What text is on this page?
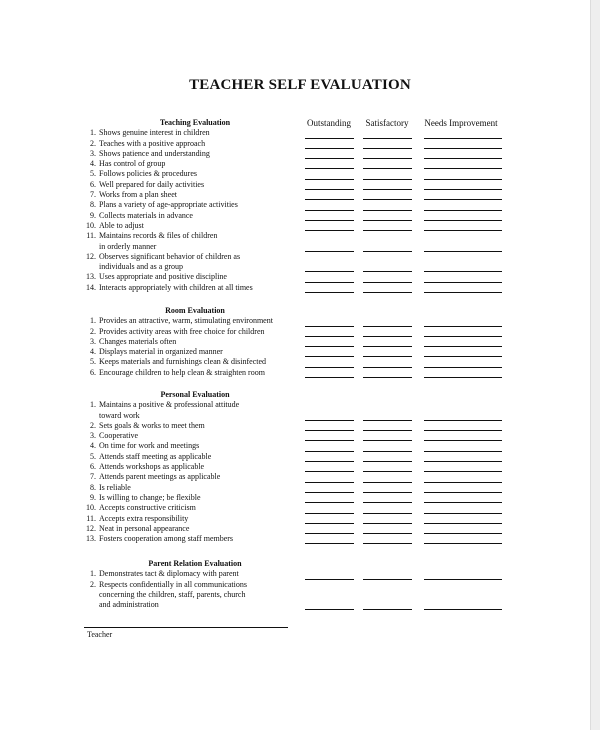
TEACHER SELF EVALUATION
Outstanding	Satisfactory	Needs Improvement
Teaching Evaluation
1. Shows genuine interest in children
2. Teaches with a positive approach
3. Shows patience and understanding
4. Has control of group
5. Follows policies & procedures
6. Well prepared for daily activities
7. Works from a plan sheet
8. Plans a variety of age-appropriate activities
9. Collects materials in advance
10. Able to adjust
11. Maintains records & files of children
in orderly manner
12. Observes significant behavior of children as
individuals and as a group
13. Uses appropriate and positive discipline
14. Interacts appropriately with children at all times
Room Evaluation
1. Provides an attractive, warm, stimulating environment
2. Provides activity areas with free choice for children
3. Changes materials often
4. Displays material in organized manner
5. Keeps materials and furnishings clean & disinfected
6. Encourage children to help clean & straighten room
Personal Evaluation
1. Maintains a positive & professional attitude
toward work
2. Sets goals & works to meet them
3. Cooperative
4. On time for work and meetings
5. Attends staff meeting as applicable
6. Attends workshops as applicable
7. Attends parent meetings as applicable
8. Is reliable
9. Is willing to change; be flexible
10. Accepts constructive criticism
11. Accepts extra responsibility
12. Neat in personal appearance
13. Fosters cooperation among staff members
Parent Relation Evaluation
1. Demonstrates tact & diplomacy with parent
2. Respects confidentially in all communications
concerning the children, staff, parents, church
and administration
Teacher
